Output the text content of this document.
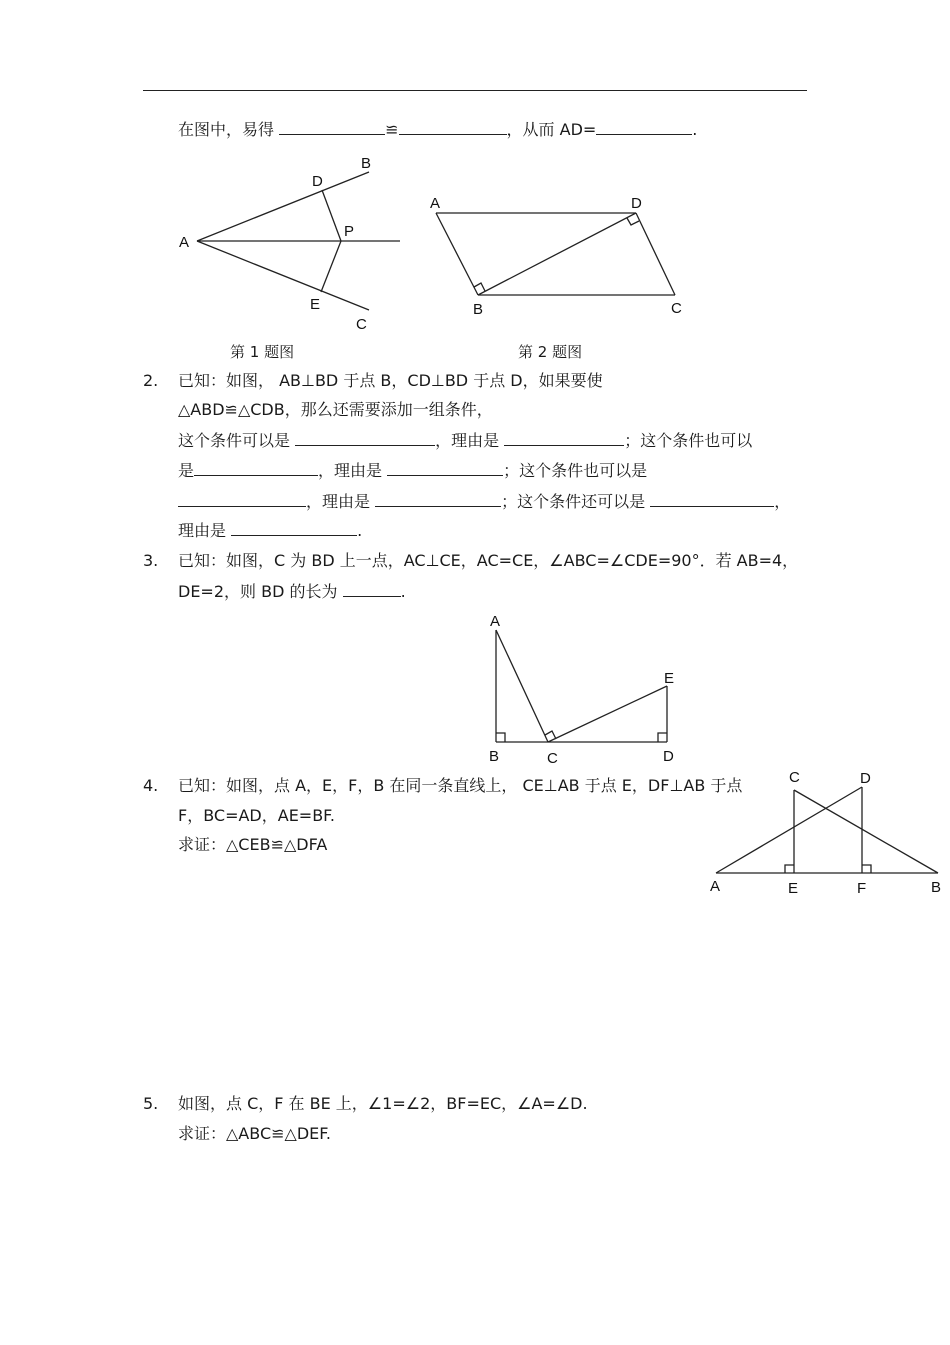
在图中，易得	≌	，从而 AD=	.
A
B
C
D
E
P
A
B	C
D
第 1 题图	第 2 题图
2. 已知：如图， AB⊥BD 于点 B，CD⊥BD 于点 D，如果要使
△ABD≌△CDB，那么还需要添加一组条件，
这个条件可以是	，理由是	；这个条件也可以
是	，理由是	；这个条件也可以是
，理由是	；这个条件还可以是	，
理由是	.
3. 已知：如图，C 为 BD 上一点，AC⊥CE，AC=CE，∠ABC=∠CDE=90°．若 AB=4，
DE=2，则 BD 的长为	.
A
B	C	D
E
4. 已知：如图，点 A，E，F，B 在同一条直线上， CE⊥AB 于点 E，DF⊥AB 于点
F，BC=AD，AE=BF.
求证：△CEB≌△DFA
A	B
C	D
E	F
5. 如图，点 C，F 在 BE 上，∠1=∠2，BF=EC，∠A=∠D.
求证：△ABC≌△DEF.
